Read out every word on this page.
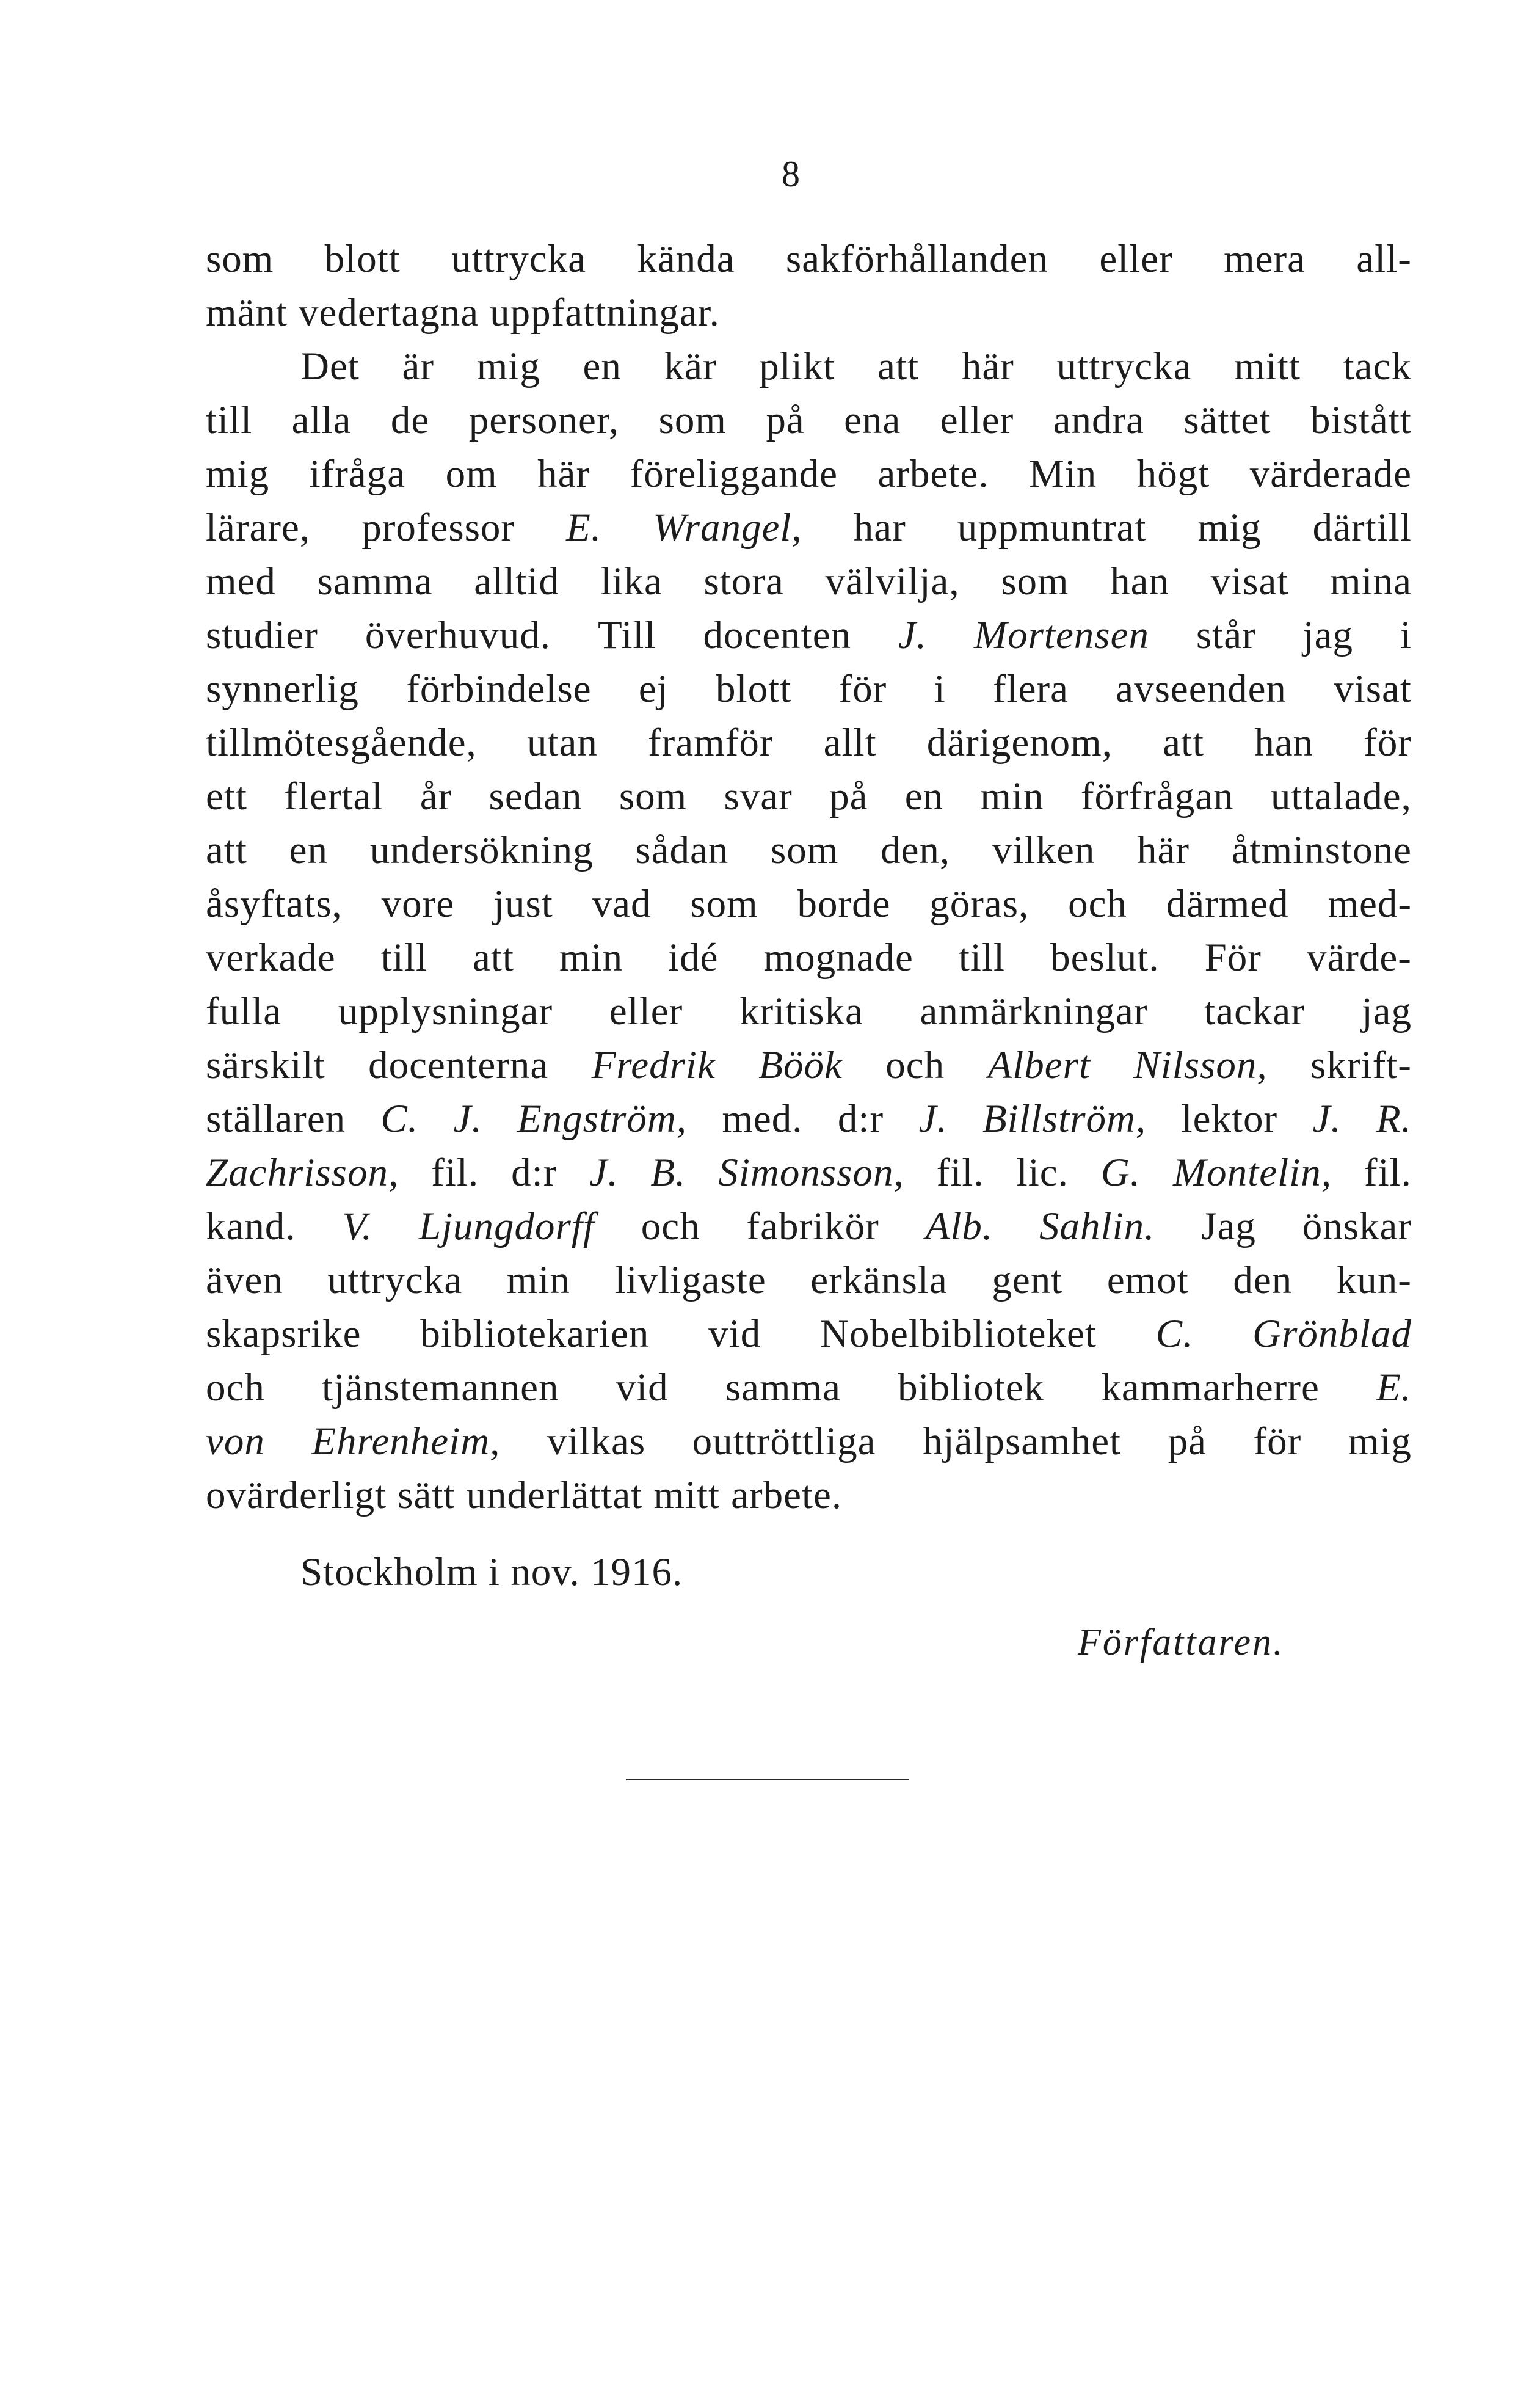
8
som blott uttrycka kända sakförhållanden eller mera all-
mänt vedertagna uppfattningar.
Det är mig en kär plikt att här uttrycka mitt tack
till alla de personer, som på ena eller andra sättet bistått
mig ifråga om här föreliggande arbete. Min högt värderade
lärare, professor E. Wrangel, har uppmuntrat mig därtill
med samma alltid lika stora välvilja, som han visat mina
studier överhuvud. Till docenten J. Mortensen står jag i
synnerlig förbindelse ej blott för i flera avseenden visat
tillmötesgående, utan framför allt därigenom, att han för
ett flertal år sedan som svar på en min förfrågan uttalade,
att en undersökning sådan som den, vilken här åtminstone
åsyftats, vore just vad som borde göras, och därmed med-
verkade till att min idé mognade till beslut. För värde-
fulla upplysningar eller kritiska anmärkningar tackar jag
särskilt docenterna Fredrik Böök och Albert Nilsson, skrift-
ställaren C. J. Engström, med. d:r J. Billström, lektor J. R.
Zachrisson, fil. d:r J. B. Simonsson, fil. lic. G. Montelin, fil.
kand. V. Ljungdorff och fabrikör Alb. Sahlin. Jag önskar
även uttrycka min livligaste erkänsla gent emot den kun-
skapsrike bibliotekarien vid Nobelbiblioteket C. Grönblad
och tjänstemannen vid samma bibliotek kammarherre E.
von Ehrenheim, vilkas outtröttliga hjälpsamhet på för mig
ovärderligt sätt underlättat mitt arbete.
Stockholm i nov. 1916.
Författaren.
